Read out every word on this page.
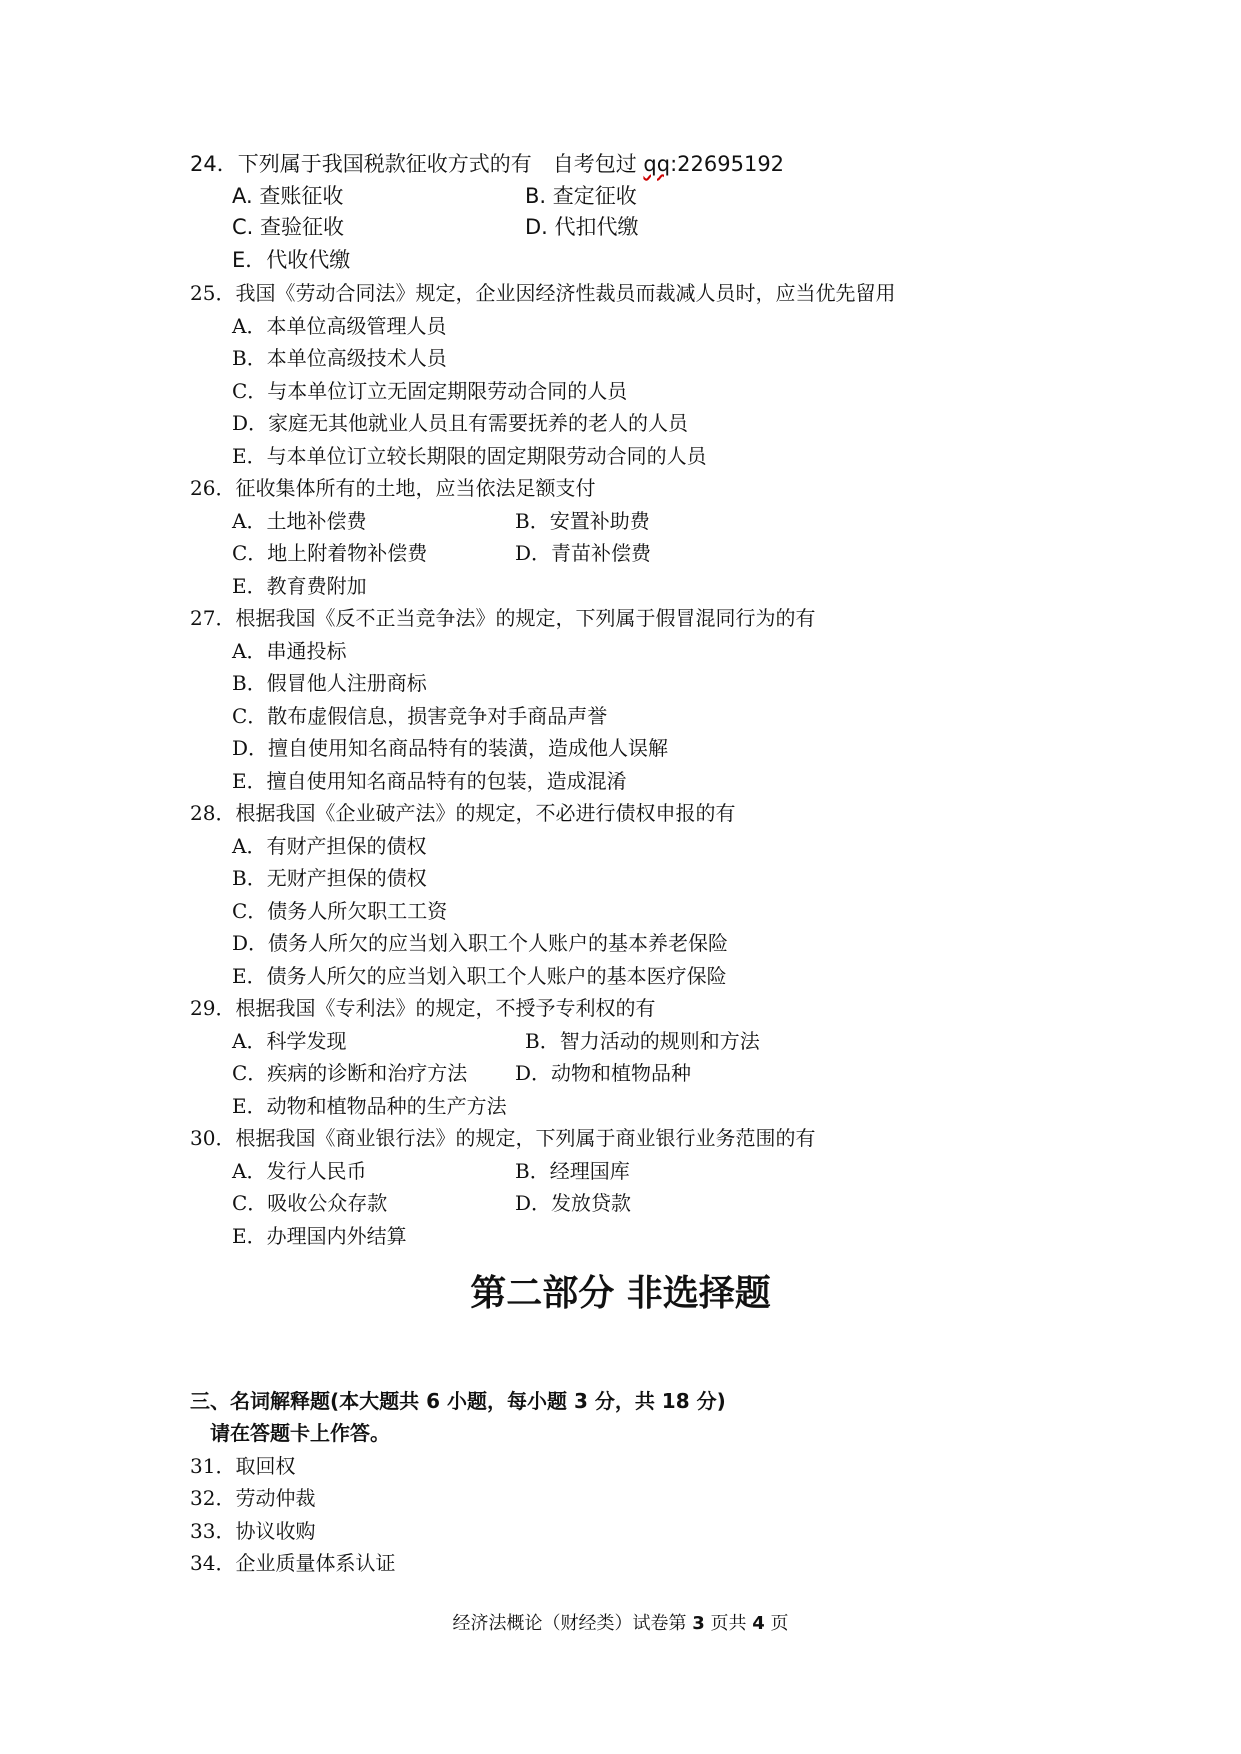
24．下列属于我国税款征收方式的有　自考包过 qq:22695192
A. 查账征收	B. 查定征收
C. 查验征收	D. 代扣代缴
E．代收代缴
25．我国《劳动合同法》规定，企业因经济性裁员而裁减人员时，应当优先留用
A．本单位高级管理人员
B．本单位高级技术人员
C．与本单位订立无固定期限劳动合同的人员
D．家庭无其他就业人员且有需要抚养的老人的人员
E．与本单位订立较长期限的固定期限劳动合同的人员
26．征收集体所有的土地，应当依法足额支付
A．土地补偿费	B．安置补助费
C．地上附着物补偿费	D．青苗补偿费
E．教育费附加
27．根据我国《反不正当竞争法》的规定，下列属于假冒混同行为的有
A．串通投标
B．假冒他人注册商标
C．散布虚假信息，损害竞争对手商品声誉
D．擅自使用知名商品特有的装潢，造成他人误解
E．擅自使用知名商品特有的包装，造成混淆
28．根据我国《企业破产法》的规定，不必进行债权申报的有
A．有财产担保的债权
B．无财产担保的债权
C．债务人所欠职工工资
D．债务人所欠的应当划入职工个人账户的基本养老保险
E．债务人所欠的应当划入职工个人账户的基本医疗保险
29．根据我国《专利法》的规定，不授予专利权的有
A．科学发现	B．智力活动的规则和方法
C．疾病的诊断和治疗方法 D．动物和植物品种
E．动物和植物品种的生产方法
30．根据我国《商业银行法》的规定，下列属于商业银行业务范围的有
A．发行人民币	B．经理国库
C．吸收公众存款	D．发放贷款
E．办理国内外结算
第二部分 非选择题
三、名词解释题(本大题共 6 小题，每小题 3 分，共 18 分)
请在答题卡上作答。
31．取回权
32．劳动仲裁
33．协议收购
34．企业质量体系认证
经济法概论（财经类）试卷第 3 页共 4 页
